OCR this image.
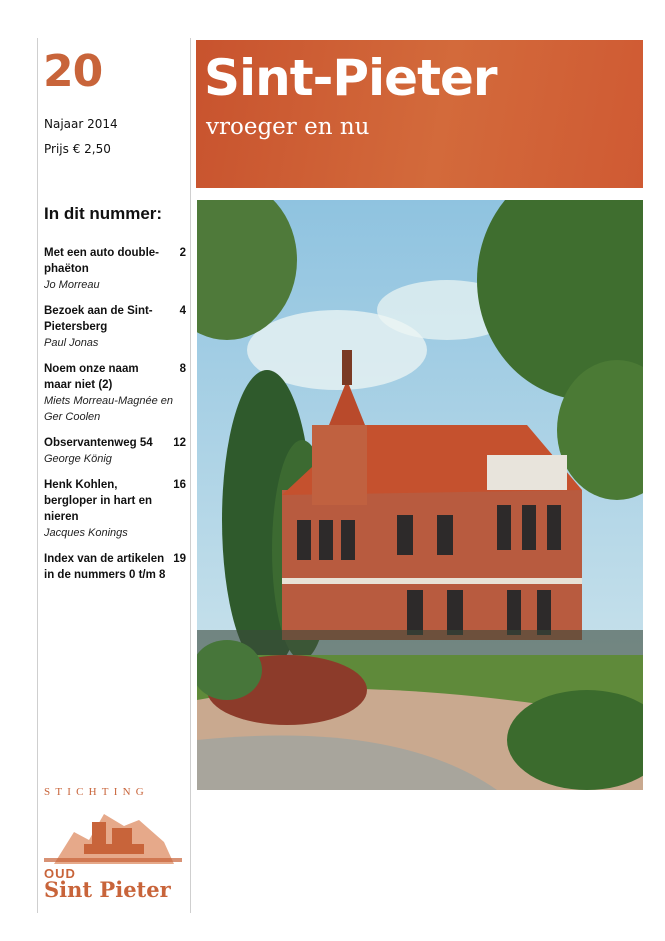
20
Najaar 2014
Prijs € 2,50
In dit nummer:
Met een auto double-phaëton
2
Jo Morreau
Bezoek aan de Sint-Pietersberg
4
Paul Jonas
Noem onze naam maar niet (2)
8
Miets Morreau-Magnée en Ger Coolen
Observantenweg 54	12
George König
Henk Kohlen, bergloper in hart en nieren
16
Jacques Konings
Index van de artikelen in de nummers 0 t/m 8
19
Sint-Pieter
vroeger en nu
STICHTING
OUD
Sint Pieter
